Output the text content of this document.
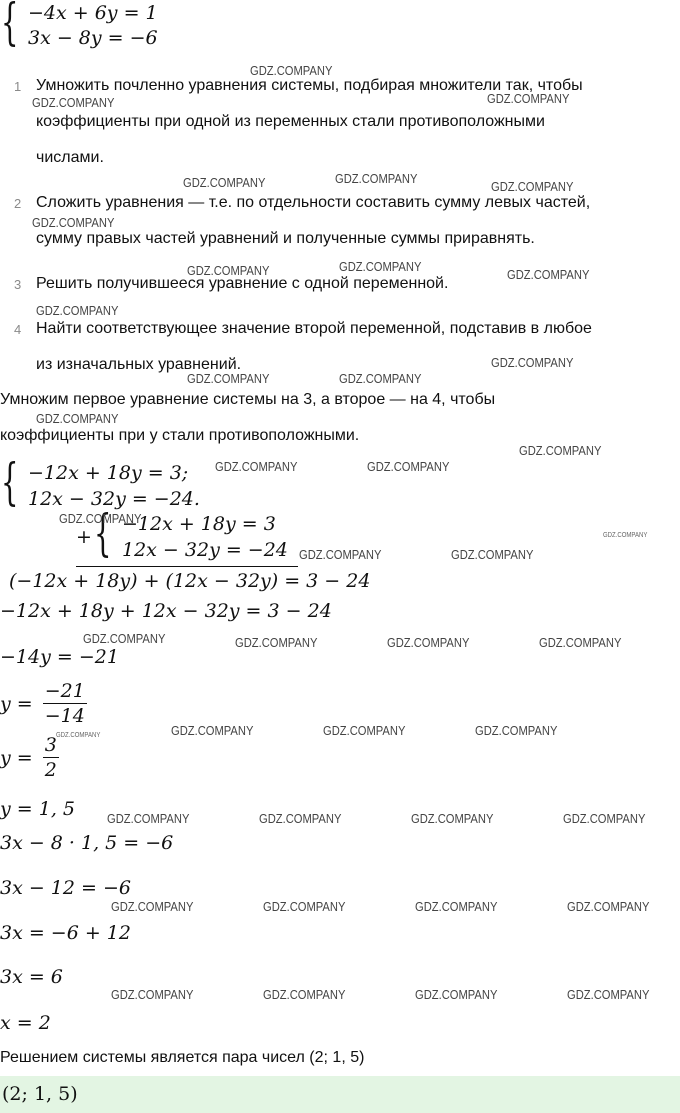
{ −4x + 6y = 1
3x − 8y = −6
1 Умножить почленно уравнения системы, подбирая множители так, чтобы
коэффициенты при одной из переменных стали противоположными
числами.
2 Сложить уравнения — т.е. по отдельности составить сумму левых частей,
сумму правых частей уравнений и полученные суммы приравнять.
3 Решить получившееся уравнение с одной переменной.
4 Найти соответствующее значение второй переменной, подставив в любое
из изначальных уравнений.
Умножим первое уравнение системы на 3, а второе — на 4, чтобы
коэффициенты при y стали противоположными.
{ −12x + 18y = 3;
12x − 32y = −24.
+ { −12x + 18y = 3
12x − 32y = −24
(−12x + 18y) + (12x − 32y) = 3 − 24
−12x + 18y + 12x − 32y = 3 − 24
−14y = −21
$y = \frac{-21}{-14}$
$y = \frac{3}{2}$
y = 1, 5
3x − 8 · 1, 5 = −6
3x − 12 = −6
3x = −6 + 12
3x = 6
x = 2
Решением системы является пара чисел (2; 1, 5)
(2; 1, 5)
GDZ.COMPANY
GDZ.COMPANY	GDZ.COMPANY
GDZ.COMPANY	GDZ.COMPANY
GDZ.COMPANY
GDZ.COMPANY
GDZ.COMPANY	GDZ.COMPANY
GDZ.COMPANY
GDZ.COMPANY
GDZ.COMPANY
GDZ.COMPANY	GDZ.COMPANY
GDZ.COMPANY
GDZ.COMPANY
GDZ.COMPANY	GDZ.COMPANY
GDZ.COMPANY
GDZ.COMPANY
GDZ.COMPANY	GDZ.COMPANY
GDZ.COMPANY	GDZ.COMPANY	GDZ.COMPANY	GDZ.COMPANY
GDZ.COMPANY	GDZ.COMPANY	GDZ.COMPANY	GDZ.COMPANY
GDZ.COMPANY	GDZ.COMPANY	GDZ.COMPANY	GDZ.COMPANY
GDZ.COMPANY	GDZ.COMPANY	GDZ.COMPANY	GDZ.COMPANY
GDZ.COMPANY	GDZ.COMPANY	GDZ.COMPANY	GDZ.COMPANY
